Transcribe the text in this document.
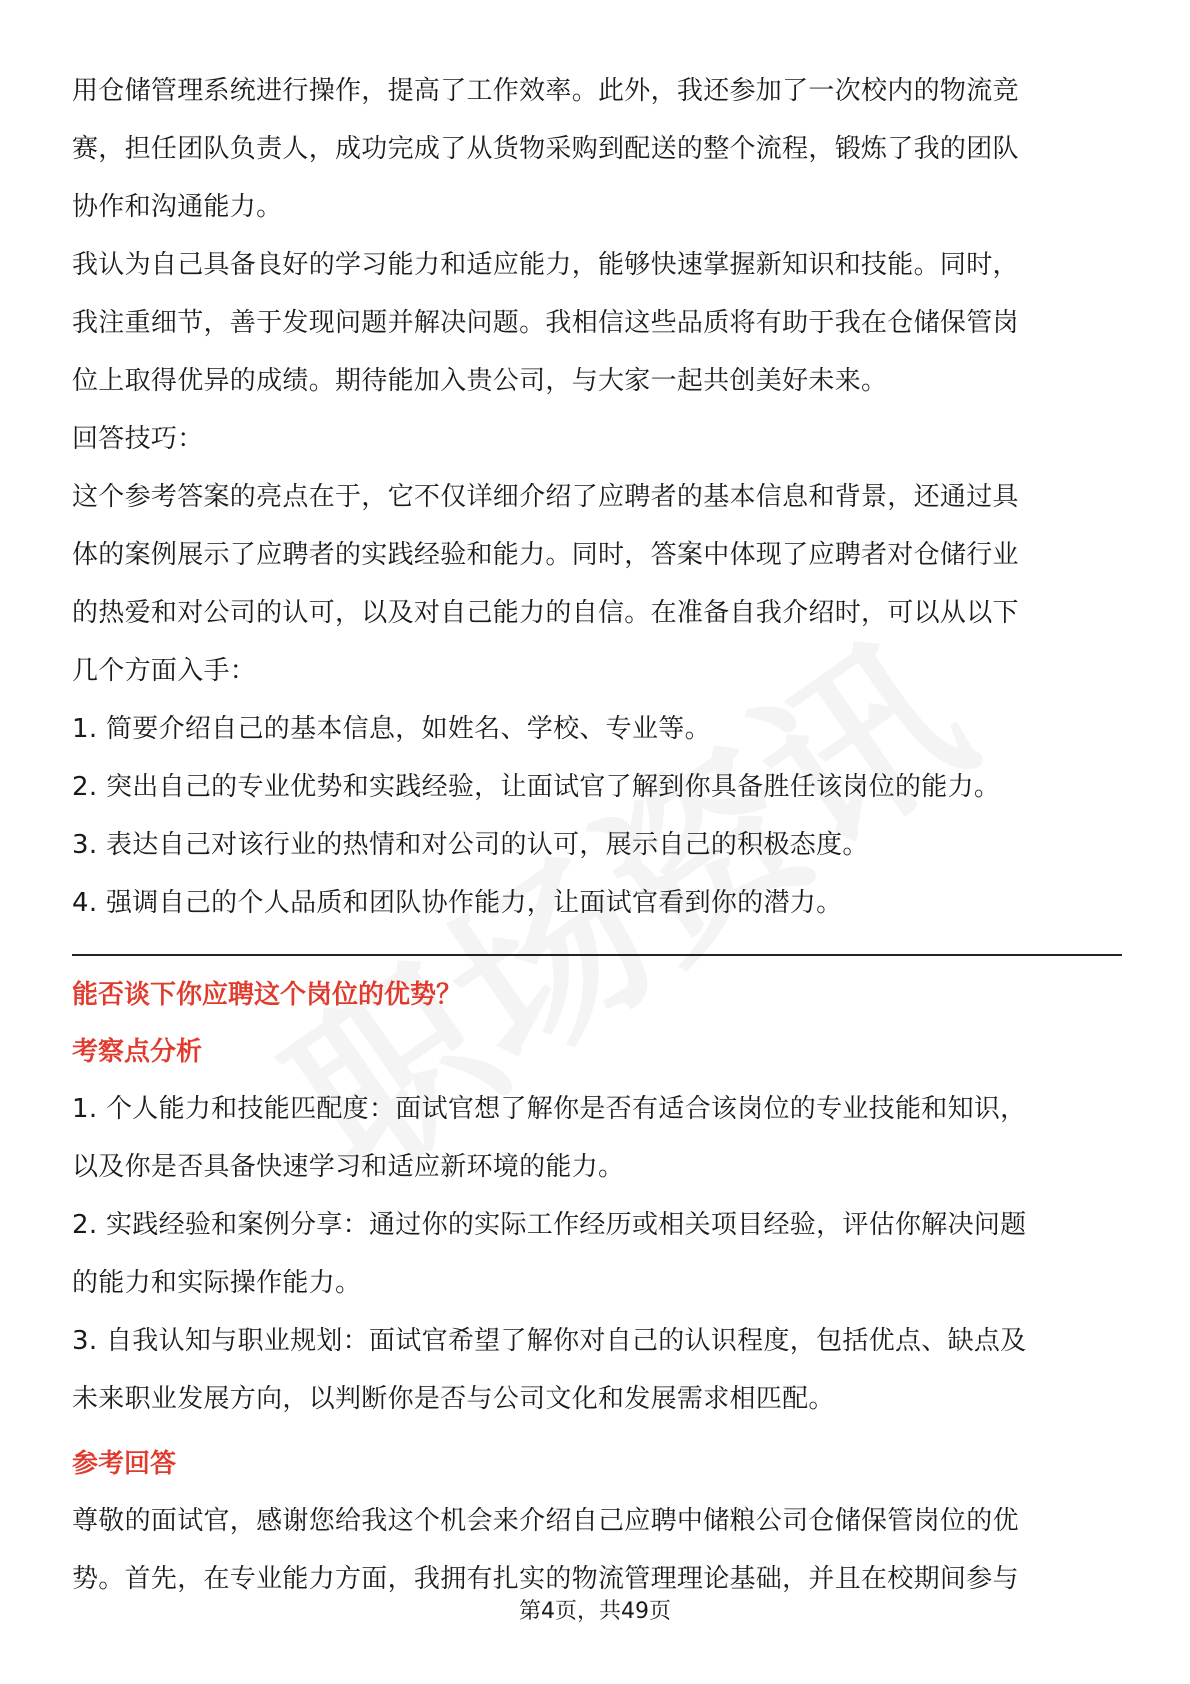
用仓储管理系统进行操作，提高了工作效率。此外，我还参加了一次校内的物流竞
赛，担任团队负责人，成功完成了从货物采购到配送的整个流程，锻炼了我的团队
协作和沟通能力。
我认为自己具备良好的学习能力和适应能力，能够快速掌握新知识和技能。同时，
我注重细节，善于发现问题并解决问题。我相信这些品质将有助于我在仓储保管岗
位上取得优异的成绩。期待能加入贵公司，与大家一起共创美好未来。
回答技巧：
这个参考答案的亮点在于，它不仅详细介绍了应聘者的基本信息和背景，还通过具
体的案例展示了应聘者的实践经验和能力。同时，答案中体现了应聘者对仓储行业
的热爱和对公司的认可，以及对自己能力的自信。在准备自我介绍时，可以从以下
几个方面入手：
1. 简要介绍自己的基本信息，如姓名、学校、专业等。
2. 突出自己的专业优势和实践经验，让面试官了解到你具备胜任该岗位的能力。
3. 表达自己对该行业的热情和对公司的认可，展示自己的积极态度。
4. 强调自己的个人品质和团队协作能力，让面试官看到你的潜力。
能否谈下你应聘这个岗位的优势？
考察点分析
1. 个人能力和技能匹配度：面试官想了解你是否有适合该岗位的专业技能和知识，
以及你是否具备快速学习和适应新环境的能力。
2. 实践经验和案例分享：通过你的实际工作经历或相关项目经验，评估你解决问题
的能力和实际操作能力。
3. 自我认知与职业规划：面试官希望了解你对自己的认识程度，包括优点、缺点及
未来职业发展方向，以判断你是否与公司文化和发展需求相匹配。
参考回答
尊敬的面试官，感谢您给我这个机会来介绍自己应聘中储粮公司仓储保管岗位的优
势。首先，在专业能力方面，我拥有扎实的物流管理理论基础，并且在校期间参与
第4页，共49页
